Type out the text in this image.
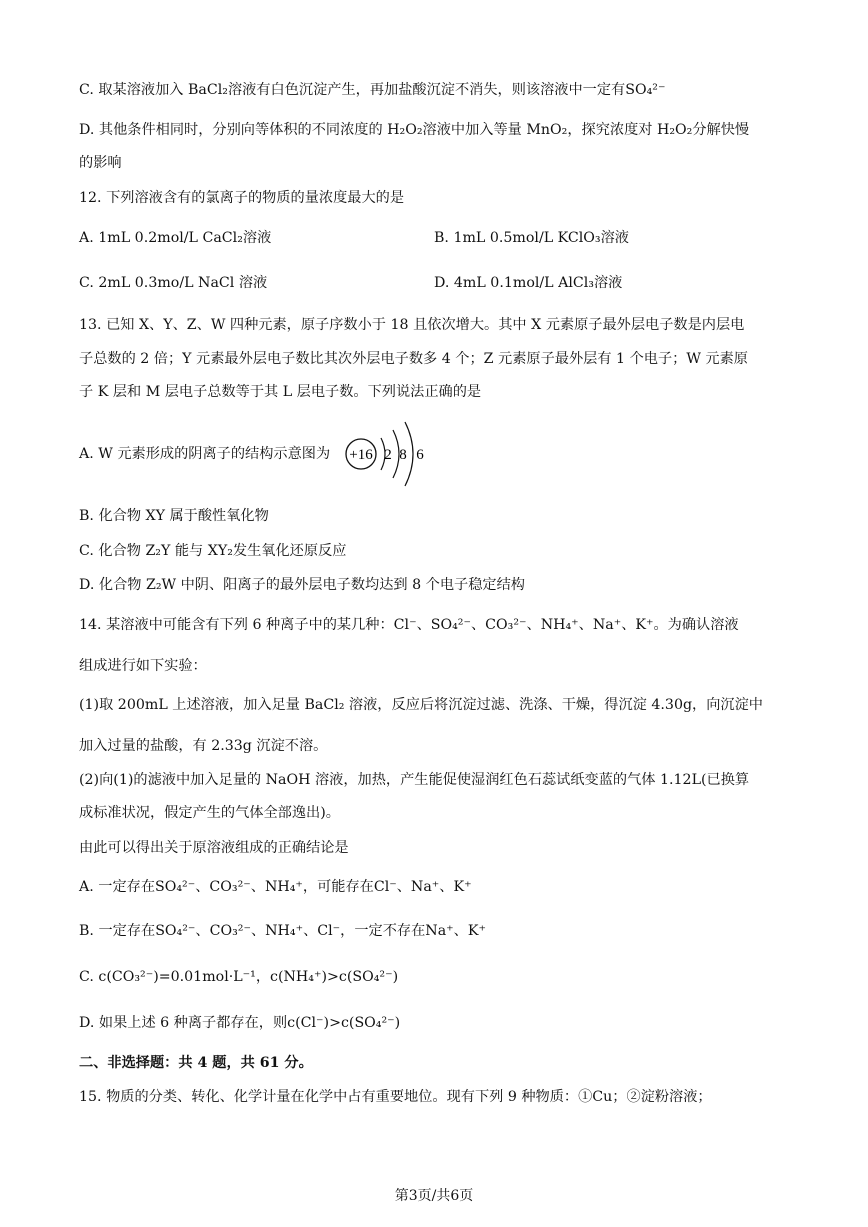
C. 取某溶液加入 BaCl₂溶液有白色沉淀产生，再加盐酸沉淀不消失，则该溶液中一定有SO₄²⁻
D. 其他条件相同时，分别向等体积的不同浓度的 H₂O₂溶液中加入等量 MnO₂，探究浓度对 H₂O₂分解快慢
的影响
12. 下列溶液含有的氯离子的物质的量浓度最大的是
A. 1mL 0.2mol/L CaCl₂溶液	B. 1mL 0.5mol/L KClO₃溶液
C. 2mL 0.3mo/L NaCl 溶液	D. 4mL 0.1mol/L AlCl₃溶液
13. 已知 X、Y、Z、W 四种元素，原子序数小于 18 且依次增大。其中 X 元素原子最外层电子数是内层电
子总数的 2 倍；Y 元素最外层电子数比其次外层电子数多 4 个；Z 元素原子最外层有 1 个电子；W 元素原
子 K 层和 M 层电子总数等于其 L 层电子数。下列说法正确的是
A. W 元素形成的阴离子的结构示意图为 +16 2 8 6
B. 化合物 XY 属于酸性氧化物
C. 化合物 Z₂Y 能与 XY₂发生氧化还原反应
D. 化合物 Z₂W 中阴、阳离子的最外层电子数均达到 8 个电子稳定结构
14. 某溶液中可能含有下列 6 种离子中的某几种：Cl⁻、SO₄²⁻、CO₃²⁻、NH₄⁺、Na⁺、K⁺。为确认溶液
组成进行如下实验：
(1)取 200mL 上述溶液，加入足量 BaCl₂ 溶液，反应后将沉淀过滤、洗涤、干燥，得沉淀 4.30g，向沉淀中
加入过量的盐酸，有 2.33g 沉淀不溶。
(2)向(1)的滤液中加入足量的 NaOH 溶液，加热，产生能促使湿润红色石蕊试纸变蓝的气体 1.12L(已换算
成标准状况，假定产生的气体全部逸出)。
由此可以得出关于原溶液组成的正确结论是
A. 一定存在SO₄²⁻、CO₃²⁻、NH₄⁺，可能存在Cl⁻、Na⁺、K⁺
B. 一定存在SO₄²⁻、CO₃²⁻、NH₄⁺、Cl⁻，一定不存在Na⁺、K⁺
C. c(CO₃²⁻)=0.01mol·L⁻¹，c(NH₄⁺)>c(SO₄²⁻)
D. 如果上述 6 种离子都存在，则c(Cl⁻)>c(SO₄²⁻)
二、非选择题：共 4 题，共 61 分。
15. 物质的分类、转化、化学计量在化学中占有重要地位。现有下列 9 种物质：①Cu；②淀粉溶液；
第3页/共6页
